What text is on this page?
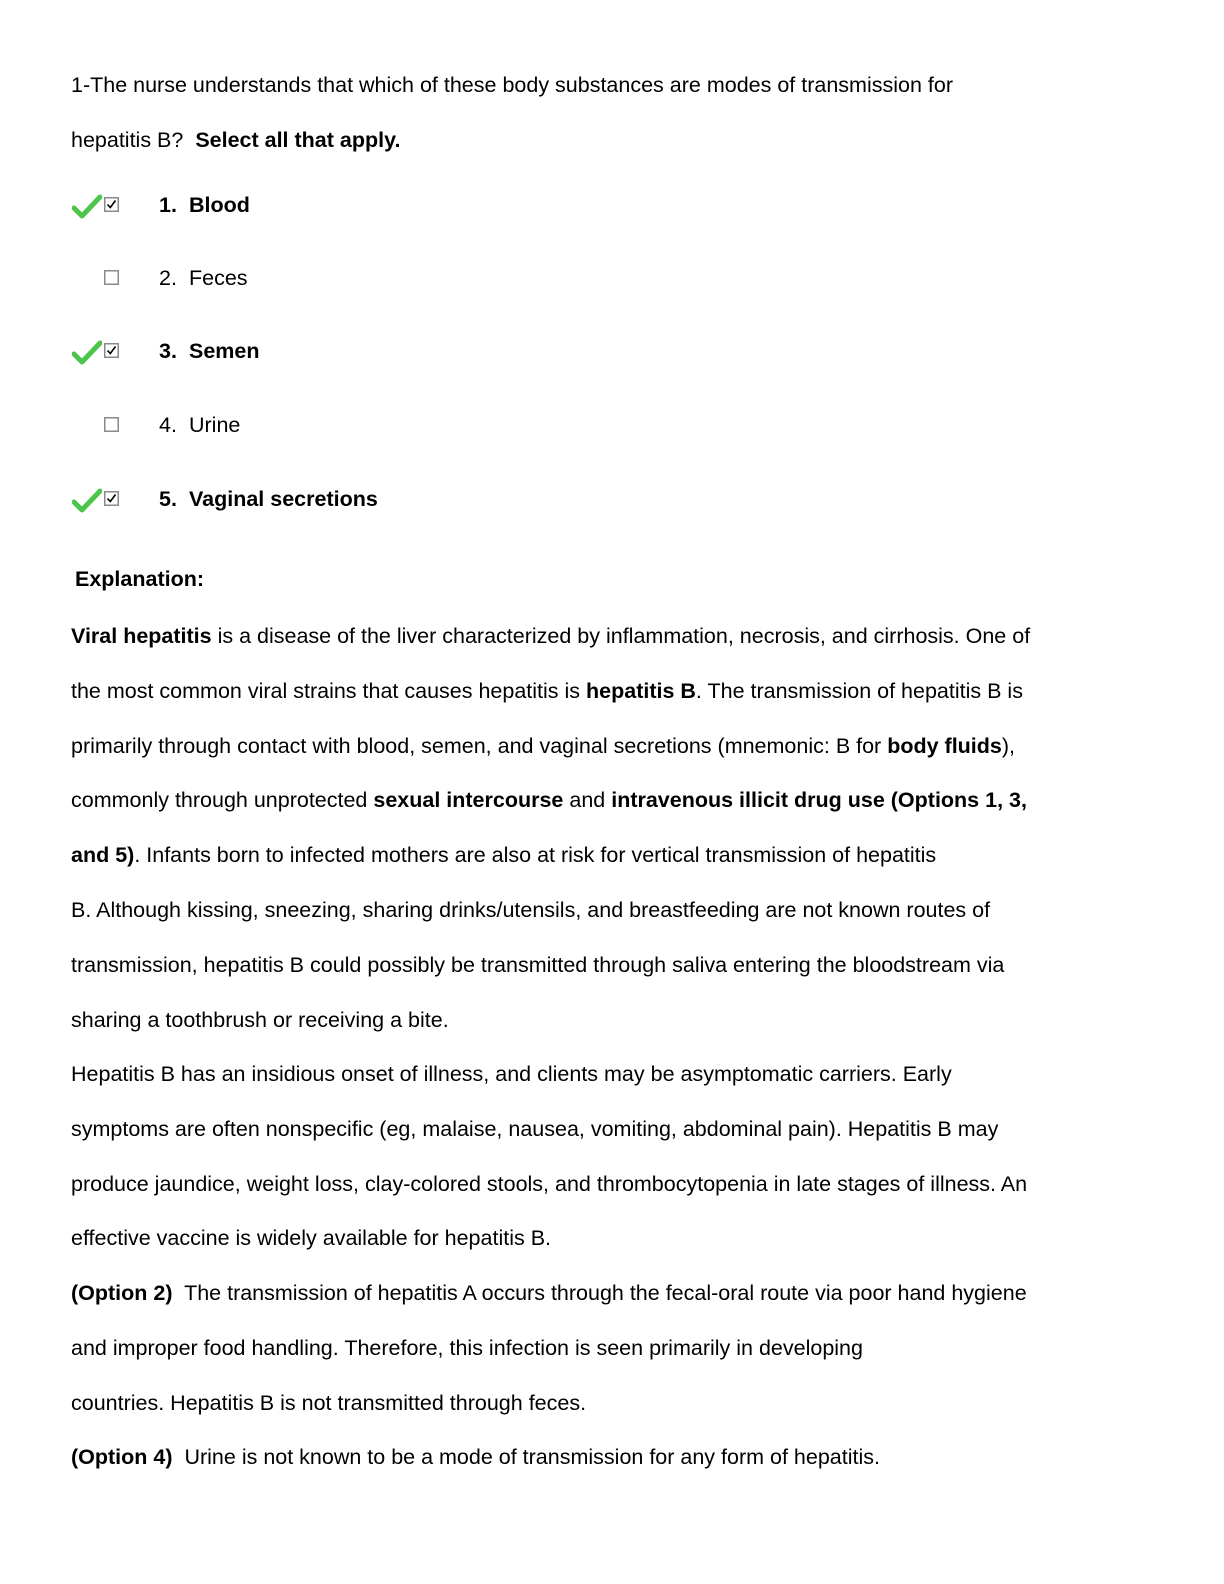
1-The nurse understands that which of these body substances are modes of transmission for
hepatitis B? Select all that apply.
1. Blood
2. Feces
3. Semen
4. Urine
5. Vaginal secretions
Explanation:
Viral hepatitis is a disease of the liver characterized by inflammation, necrosis, and cirrhosis. One of
the most common viral strains that causes hepatitis is hepatitis B. The transmission of hepatitis B is
primarily through contact with blood, semen, and vaginal secretions (mnemonic: B for body fluids),
commonly through unprotected sexual intercourse and intravenous illicit drug use (Options 1, 3,
and 5). Infants born to infected mothers are also at risk for vertical transmission of hepatitis
B. Although kissing, sneezing, sharing drinks/utensils, and breastfeeding are not known routes of
transmission, hepatitis B could possibly be transmitted through saliva entering the bloodstream via
sharing a toothbrush or receiving a bite.
Hepatitis B has an insidious onset of illness, and clients may be asymptomatic carriers. Early
symptoms are often nonspecific (eg, malaise, nausea, vomiting, abdominal pain). Hepatitis B may
produce jaundice, weight loss, clay-colored stools, and thrombocytopenia in late stages of illness. An
effective vaccine is widely available for hepatitis B.
(Option 2)  The transmission of hepatitis A occurs through the fecal-oral route via poor hand hygiene
and improper food handling. Therefore, this infection is seen primarily in developing
countries. Hepatitis B is not transmitted through feces.
(Option 4)  Urine is not known to be a mode of transmission for any form of hepatitis.
